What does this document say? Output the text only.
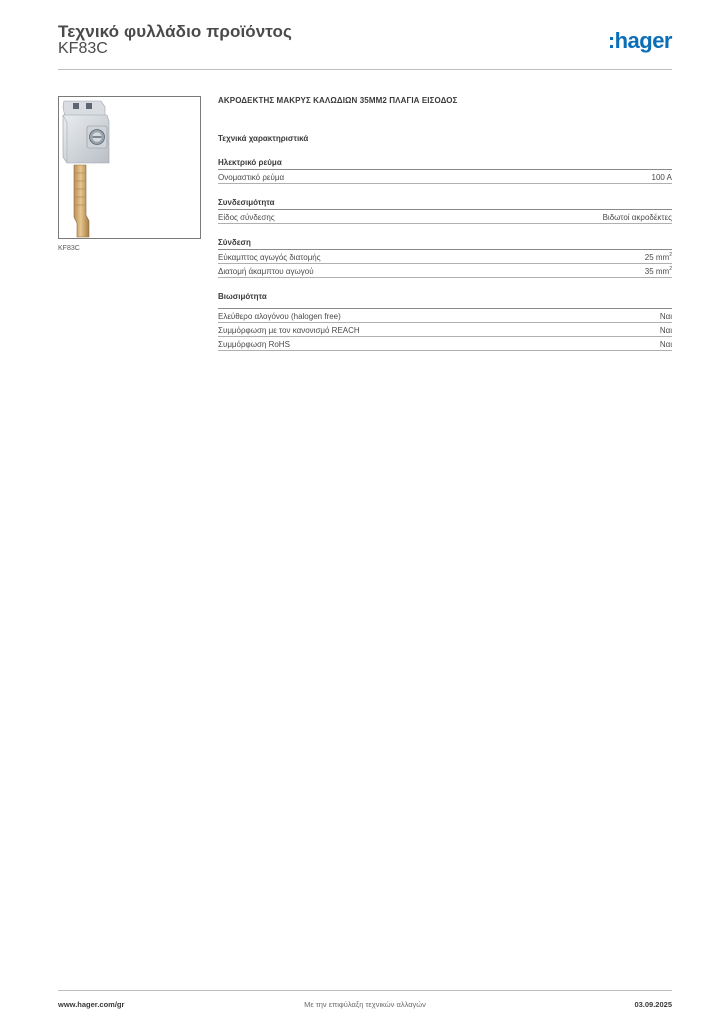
Τεχνικό φυλλάδιο προϊόντος
KF83C	hager
KF83C
ΑΚΡΟΔΕΚΤΗΣ ΜΑΚΡΥΣ ΚΑΛΩΔΙΩΝ 35MM2 ΠΛΑΓΙΑ ΕΙΣΟΔΟΣ
Τεχνικά χαρακτηριστικά
Ηλεκτρικό ρεύμα
Ονομαστικό ρεύμα	100 A
Συνδεσιμότητα
Είδος σύνδεσης	Βιδωτοί ακροδέκτες
Σύνδεση
Εύκαμπτος αγωγός διατομής	25 $mm^2$
Διατομή άκαμπτου αγωγού	35 $mm^2$
Βιωσιμότητα
Ελεύθερο αλογόνου (halogen free)	Ναι
Συμμόρφωση με τον κανονισμό REACH	Ναι
Συμμόρφωση RoHS	Ναι
www.hager.com/gr	Με την επιφύλαξη τεχνικών αλλαγών	03.09.2025
